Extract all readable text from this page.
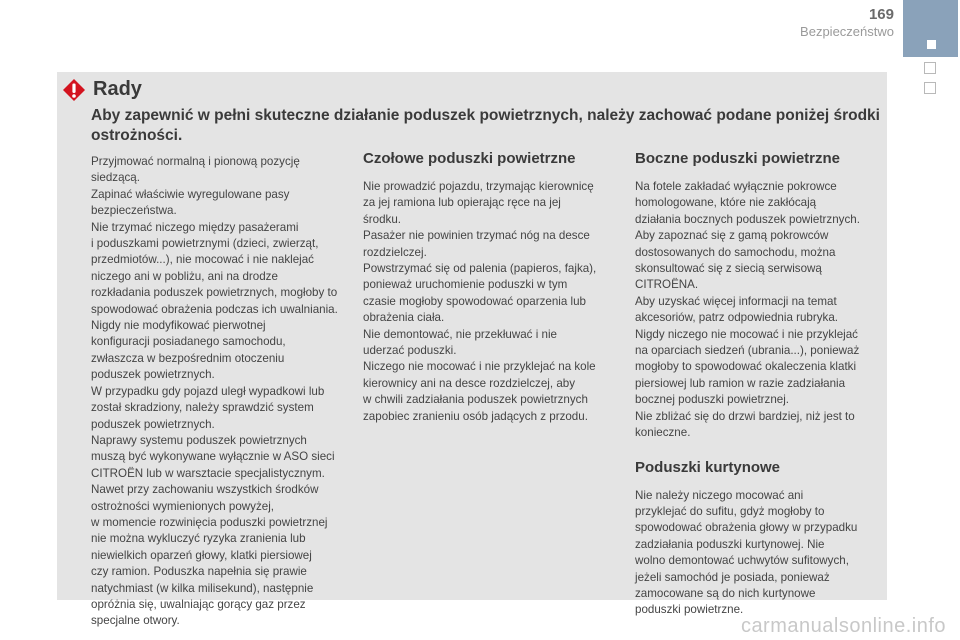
169
Bezpieczeństwo
Rady
Aby zapewnić w pełni skuteczne działanie poduszek powietrznych, należy zachować podane poniżej środki ostrożności.

Przyjmować normalną i pionową pozycję

siedzącą.

Zapinać właściwie wyregulowane pasy

bezpieczeństwa.

Nie trzymać niczego między pasażerami

i poduszkami powietrznymi (dzieci, zwierząt,

przedmiotów...), nie mocować i nie naklejać

niczego ani w pobliżu, ani na drodze

rozkładania poduszek powietrznych, mogłoby to

spowodować obrażenia podczas ich uwalniania.

Nigdy nie modyfikować pierwotnej

konfiguracji posiadanego samochodu,

zwłaszcza w bezpośrednim otoczeniu

poduszek powietrznych.

W przypadku gdy pojazd uległ wypadkowi lub

został skradziony, należy sprawdzić system

poduszek powietrznych.

Naprawy systemu poduszek powietrznych

muszą być wykonywane wyłącznie w ASO sieci

CITROËN lub w warsztacie specjalistycznym.

Nawet przy zachowaniu wszystkich środków

ostrożności wymienionych powyżej,

w momencie rozwinięcia poduszki powietrznej

nie można wykluczyć ryzyka zranienia lub

niewielkich oparzeń głowy, klatki piersiowej

czy ramion. Poduszka napełnia się prawie

natychmiast (w kilka milisekund), następnie

opróżnia się, uwalniając gorący gaz przez

specjalne otwory.

Czołowe poduszki powietrzne

Nie prowadzić pojazdu, trzymając kierownicę

za jej ramiona lub opierając ręce na jej

środku.

Pasażer nie powinien trzymać nóg na desce

rozdzielczej.

Powstrzymać się od palenia (papieros, fajka),

ponieważ uruchomienie poduszki w tym

czasie mogłoby spowodować oparzenia lub

obrażenia ciała.

Nie demontować, nie przekłuwać i nie

uderzać poduszki.

Niczego nie mocować i nie przyklejać na kole

kierownicy ani na desce rozdzielczej, aby

w chwili zadziałania poduszek powietrznych

zapobiec zranieniu osób jadących z przodu.

Boczne poduszki powietrzne

Na fotele zakładać wyłącznie pokrowce

homologowane, które nie zakłócają

działania bocznych poduszek powietrznych.

Aby zapoznać się z gamą pokrowców

dostosowanych do samochodu, można

skonsultować się z siecią serwisową

CITROËNA.

Aby uzyskać więcej informacji na temat

akcesoriów, patrz odpowiednia rubryka.

Nigdy niczego nie mocować i nie przyklejać

na oparciach siedzeń (ubrania...), ponieważ

mogłoby to spowodować okaleczenia klatki

piersiowej lub ramion w razie zadziałania

bocznej poduszki powietrznej.

Nie zbliżać się do drzwi bardziej, niż jest to

konieczne.

Poduszki kurtynowe

Nie należy niczego mocować ani

przyklejać do sufitu, gdyż mogłoby to

spowodować obrażenia głowy w przypadku

zadziałania poduszki kurtynowej. Nie

wolno demontować uchwytów sufitowych,

jeżeli samochód je posiada, ponieważ

zamocowane są do nich kurtynowe

poduszki powietrzne.

carmanualsonline.info
